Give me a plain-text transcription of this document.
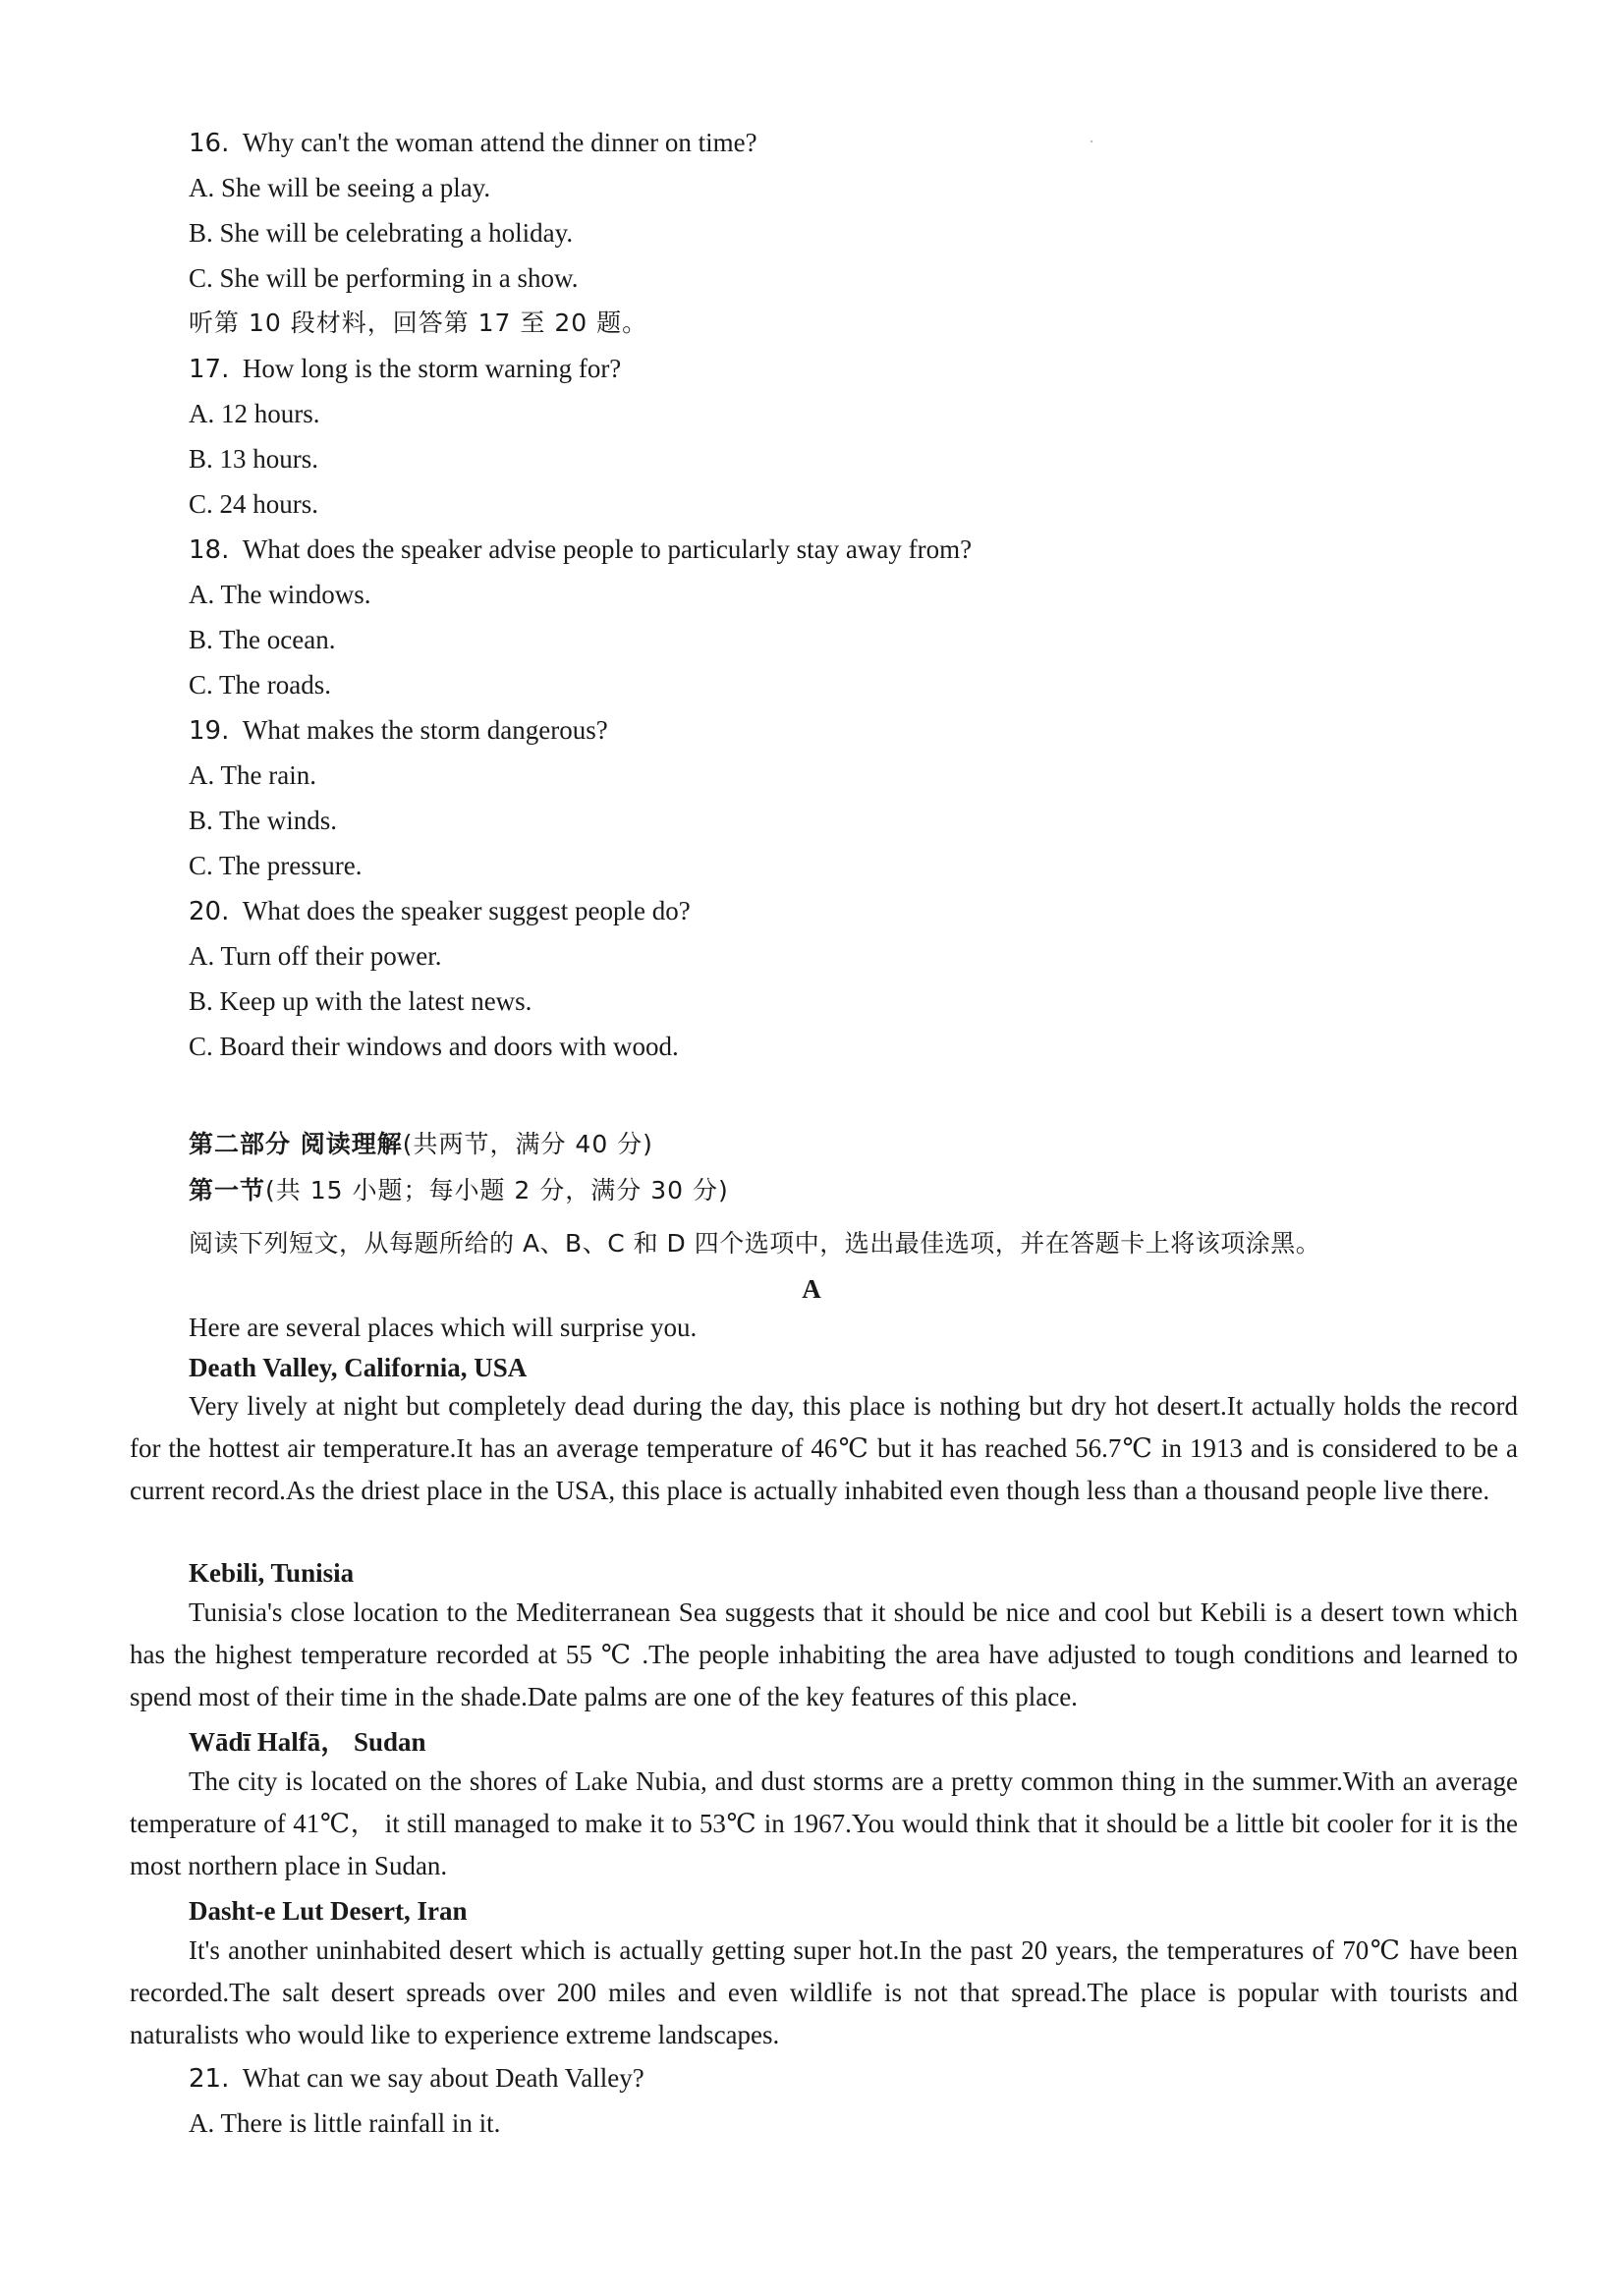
16. Why can't the woman attend the dinner on time?
A. She will be seeing a play.
B. She will be celebrating a holiday.
C. She will be performing in a show.
听第 10 段材料，回答第 17 至 20 题。
17. How long is the storm warning for?
A. 12 hours.
B. 13 hours.
C. 24 hours.
18. What does the speaker advise people to particularly stay away from?
A. The windows.
B. The ocean.
C. The roads.
19. What makes the storm dangerous?
A. The rain.
B. The winds.
C. The pressure.
20. What does the speaker suggest people do?
A. Turn off their power.
B. Keep up with the latest news.
C. Board their windows and doors with wood.
第二部分 阅读理解(共两节，满分 40 分)
第一节(共 15 小题；每小题 2 分，满分 30 分)
阅读下列短文，从每题所给的 A、B、C 和 D 四个选项中，选出最佳选项，并在答题卡上将该项涂黑。
A
Here are several places which will surprise you.
Death Valley, California, USA
Very lively at night but completely dead during the day, this place is nothing but dry hot desert.It actually holds the record for the hottest air temperature.It has an average temperature of 46℃ but it has reached 56.7℃ in 1913 and is considered to be a current record.As the driest place in the USA, this place is actually inhabited even though less than a thousand people live there.
Kebili, Tunisia
Tunisia's close location to the Mediterranean Sea suggests that it should be nice and cool but Kebili is a desert town which has the highest temperature recorded at 55 ℃ .The people inhabiting the area have adjusted to tough conditions and learned to spend most of their time in the shade.Date palms are one of the key features of this place.
Wādī Halfā， Sudan
The city is located on the shores of Lake Nubia, and dust storms are a pretty common thing in the summer.With an average temperature of 41℃， it still managed to make it to 53℃ in 1967.You would think that it should be a little bit cooler for it is the most northern place in Sudan.
Dasht-e Lut Desert, Iran
It's another uninhabited desert which is actually getting super hot.In the past 20 years, the temperatures of 70℃ have been recorded.The salt desert spreads over 200 miles and even wildlife is not that spread.The place is popular with tourists and naturalists who would like to experience extreme landscapes.
21. What can we say about Death Valley?
A. There is little rainfall in it.
